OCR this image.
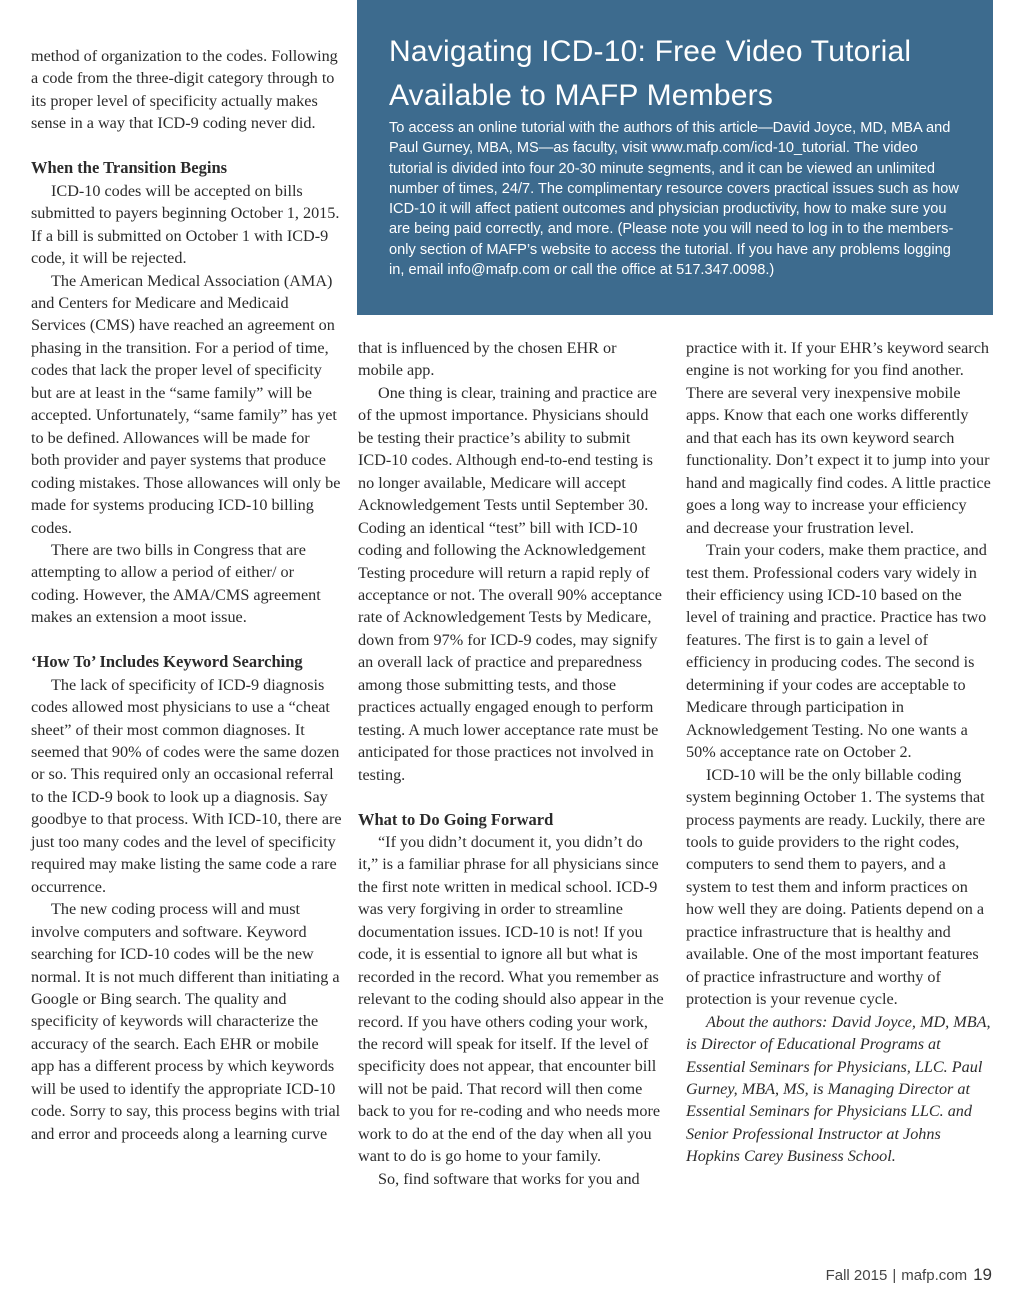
Navigating ICD-10: Free Video Tutorial Available to MAFP Members

To access an online tutorial with the authors of this article—David Joyce, MD, MBA and Paul Gurney, MBA, MS—as faculty, visit www.mafp.com/icd-10_tutorial. The video tutorial is divided into four 20-30 minute segments, and it can be viewed an unlimited number of times, 24/7. The complimentary resource covers practical issues such as how ICD-10 it will affect patient outcomes and physician productivity, how to make sure you are being paid correctly, and more. (Please note you will need to log in to the members-only section of MAFP’s website to access the tutorial. If you have any problems logging in, email info@mafp.com or call the office at 517.347.0098.)

method of organization to the codes. Following a code from the three-digit category through to its proper level of specificity actually makes sense in a way that ICD-9 coding never did.

When the Transition Begins

ICD-10 codes will be accepted on bills submitted to payers beginning October 1, 2015. If a bill is submitted on October 1 with ICD-9 code, it will be rejected.

The American Medical Association (AMA) and Centers for Medicare and Medicaid Services (CMS) have reached an agreement on phasing in the transition. For a period of time, codes that lack the proper level of specificity but are at least in the “same family” will be accepted. Unfortunately, “same family” has yet to be defined. Allowances will be made for both provider and payer systems that produce coding mistakes. Those allowances will only be made for systems producing ICD-10 billing codes.

There are two bills in Congress that are attempting to allow a period of either/ or coding. However, the AMA/CMS agreement makes an extension a moot issue.

‘How To’ Includes Keyword Searching

The lack of specificity of ICD-9 diagnosis codes allowed most physicians to use a “cheat sheet” of their most common diagnoses. It seemed that 90% of codes were the same dozen or so. This required only an occasional referral to the ICD-9 book to look up a diagnosis. Say goodbye to that process. With ICD-10, there are just too many codes and the level of specificity required may make listing the same code a rare occurrence.

The new coding process will and must involve computers and software. Keyword searching for ICD-10 codes will be the new normal. It is not much different than initiating a Google or Bing search. The quality and specificity of keywords will characterize the accuracy of the search. Each EHR or mobile app has a different process by which keywords will be used to identify the appropriate ICD-10 code. Sorry to say, this process begins with trial and error and proceeds along a learning curve

that is influenced by the chosen EHR or mobile app.

One thing is clear, training and practice are of the upmost importance. Physicians should be testing their practice’s ability to submit ICD-10 codes. Although end-to-end testing is no longer available, Medicare will accept Acknowledgement Tests until September 30. Coding an identical “test” bill with ICD-10 coding and following the Acknowledgement Testing procedure will return a rapid reply of acceptance or not. The overall 90% acceptance rate of Acknowledgement Tests by Medicare, down from 97% for ICD-9 codes, may signify an overall lack of practice and preparedness among those submitting tests, and those practices actually engaged enough to perform testing. A much lower acceptance rate must be anticipated for those practices not involved in testing.

What to Do Going Forward

“If you didn’t document it, you didn’t do it,” is a familiar phrase for all physicians since the first note written in medical school. ICD-9 was very forgiving in order to streamline documentation issues. ICD-10 is not! If you code, it is essential to ignore all but what is recorded in the record. What you remember as relevant to the coding should also appear in the record. If you have others coding your work, the record will speak for itself. If the level of specificity does not appear, that encounter bill will not be paid. That record will then come back to you for re-coding and who needs more work to do at the end of the day when all you want to do is go home to your family.

So, find software that works for you and

practice with it. If your EHR’s keyword search engine is not working for you find another. There are several very inexpensive mobile apps. Know that each one works differently and that each has its own keyword search functionality. Don’t expect it to jump into your hand and magically find codes. A little practice goes a long way to increase your efficiency and decrease your frustration level.

Train your coders, make them practice, and test them. Professional coders vary widely in their efficiency using ICD-10 based on the level of training and practice. Practice has two features. The first is to gain a level of efficiency in producing codes. The second is determining if your codes are acceptable to Medicare through participation in Acknowledgement Testing. No one wants a 50% acceptance rate on October 2.

ICD-10 will be the only billable coding system beginning October 1. The systems that process payments are ready. Luckily, there are tools to guide providers to the right codes, computers to send them to payers, and a system to test them and inform practices on how well they are doing. Patients depend on a practice infrastructure that is healthy and available. One of the most important features of practice infrastructure and worthy of protection is your revenue cycle.

About the authors: David Joyce, MD, MBA, is Director of Educational Programs at Essential Seminars for Physicians, LLC. Paul Gurney, MBA, MS, is Managing Director at Essential Seminars for Physicians LLC. and Senior Professional Instructor at Johns Hopkins Carey Business School.

Fall 2015 | mafp.com 19
